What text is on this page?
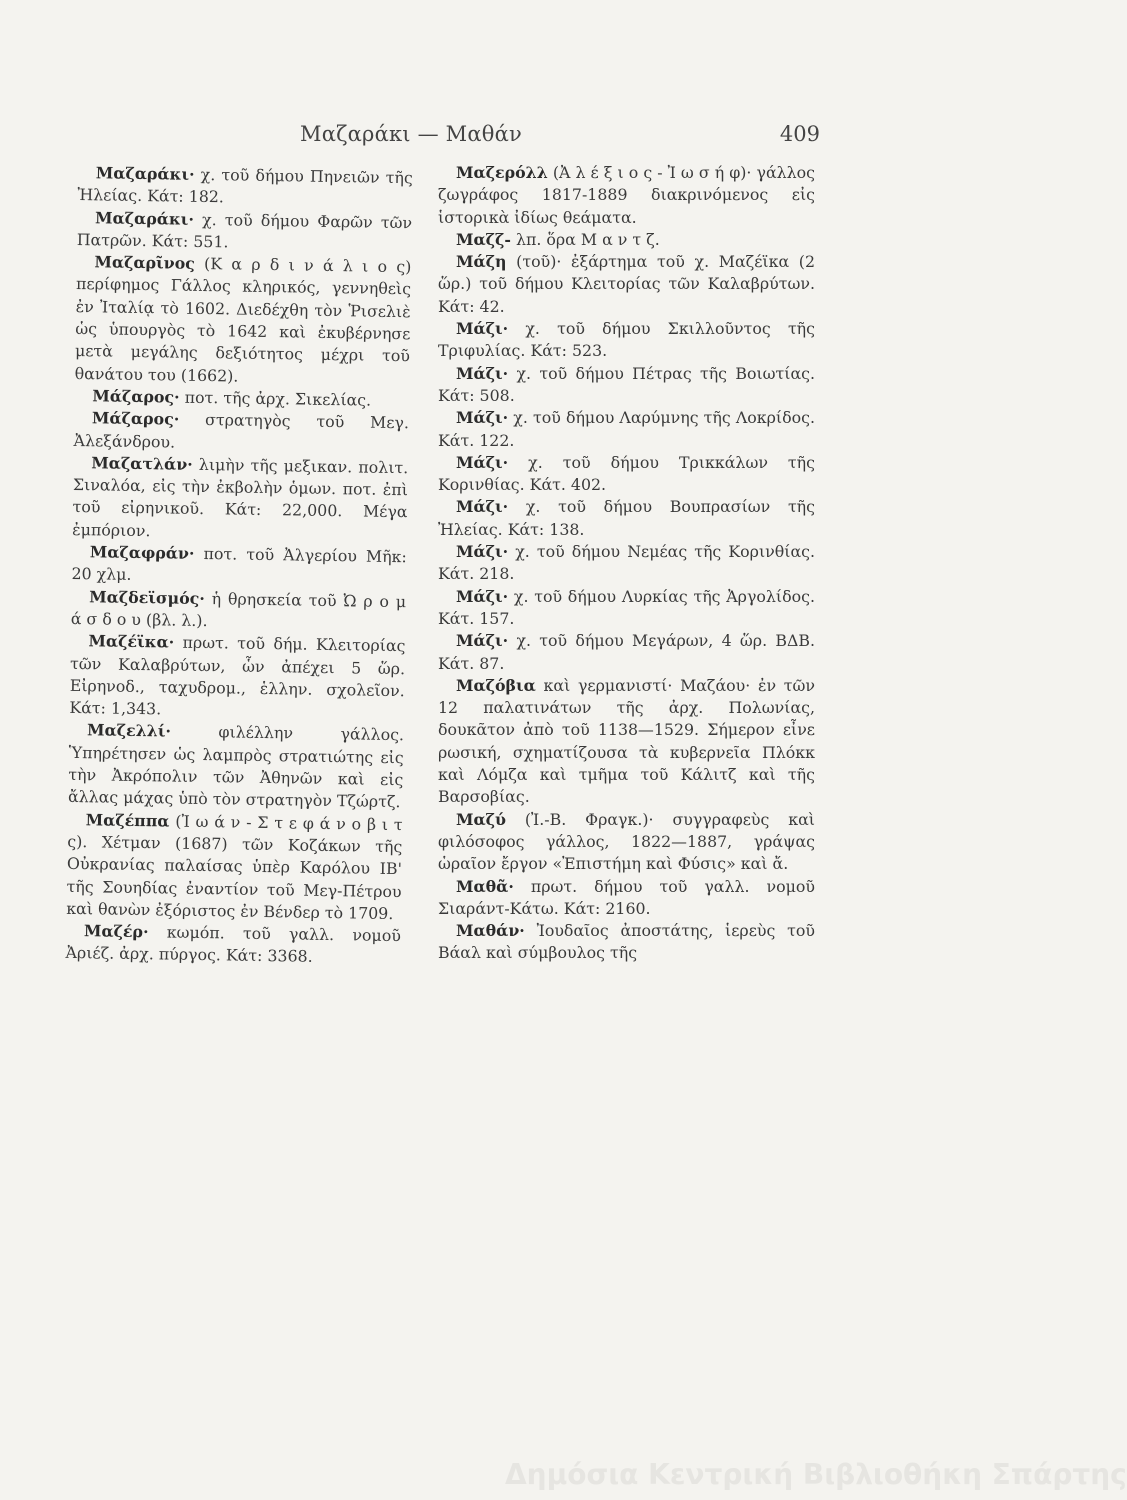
Μαζαράκι — Μαθάν	409
Μαζαράκι· χ. τοῦ δήμου Πηνειῶν τῆς Ἠλείας. Κάτ: 182.
Μαζαράκι· χ. τοῦ δήμου Φαρῶν τῶν Πατρῶν. Κάτ: 551.
Μαζαρῖνος (Κ α ρ δ ι ν ά λ ι ο ς) περίφημος Γάλλος κληρικός, γεννηθεὶς ἐν Ἰταλίᾳ τὸ 1602. Διεδέχθη τὸν Ῥισελιὲ ὡς ὑπουργὸς τὸ 1642 καὶ ἐκυβέρνησε μετὰ μεγάλης δεξιότητος μέχρι τοῦ θανάτου του (1662).
Μάζαρος· ποτ. τῆς ἀρχ. Σικελίας.
Μάζαρος· στρατηγὸς τοῦ Μεγ. Ἀλεξάνδρου.
Μαζατλάν· λιμὴν τῆς μεξικαν. πολιτ. Σιναλόα, εἰς τὴν ἐκβολὴν ὁμων. ποτ. ἐπὶ τοῦ εἰρηνικοῦ. Κάτ: 22,000. Μέγα ἐμπόριον.
Μαζαφράν· ποτ. τοῦ Ἀλγερίου Μῆκ: 20 χλμ.
Μαζδεϊσμός· ἡ θρησκεία τοῦ Ὠ ρ ο μ ά σ δ ο υ (βλ. λ.).
Μαζέϊκα· πρωτ. τοῦ δήμ. Κλειτορίας τῶν Καλαβρύτων, ὧν ἀπέχει 5 ὥρ. Εἰρηνοδ., ταχυδρομ., ἑλλην. σχολεῖον. Κάτ: 1,343.
Μαζελλί·	φιλέλλην γάλλος. Ὑπηρέτησεν ὡς λαμπρὸς στρατιώτης εἰς τὴν Ἀκρόπολιν τῶν Ἀθηνῶν καὶ εἰς ἄλλας μάχας ὑπὸ τὸν στρατηγὸν Τζώρτζ.
Μαζέππα (Ἰ ω ά ν - Σ τ ε φ ά ν ο β ι τ ς). Χέτμαν (1687) τῶν Κοζάκων τῆς Οὐκρανίας παλαίσας ὑπὲρ Καρόλου ΙΒ' τῆς Σουηδίας ἐναντίον τοῦ Μεγ-Πέτρου καὶ θανὼν ἐξόριστος ἐν Βένδερ τὸ 1709.
Μαζέρ· κωμόπ. τοῦ γαλλ. νομοῦ Ἀριέζ. ἀρχ. πύργος. Κάτ: 3368.
Μαζερόλλ (Ἀ λ έ ξ ι ο ς - Ἰ ω σ ή φ)· γάλλος ζωγράφος 1817-1889 διακρινόμενος εἰς ἱστορικὰ ἰδίως θεάματα.
Μαζζ- λπ. ὅρα Μ α ν τ ζ.
Μάζη (τοῦ)· ἐξάρτημα τοῦ χ. Μαζέϊκα (2 ὥρ.) τοῦ δήμου Κλειτορίας τῶν Καλαβρύτων. Κάτ: 42.
Μάζι· χ. τοῦ δήμου Σκιλλοῦντος τῆς Τριφυλίας. Κάτ: 523.
Μάζι· χ. τοῦ δήμου Πέτρας τῆς Βοιωτίας. Κάτ: 508.
Μάζι· χ. τοῦ δήμου Λαρύμνης τῆς Λοκρίδος. Κάτ. 122.
Μάζι· χ. τοῦ δήμου Τρικκάλων τῆς Κορινθίας. Κάτ. 402.
Μάζι· χ. τοῦ δήμου Βουπρασίων τῆς Ἠλείας. Κάτ: 138.
Μάζι· χ. τοῦ δήμου Νεμέας τῆς Κορινθίας. Κάτ. 218.
Μάζι· χ. τοῦ δήμου Λυρκίας τῆς Ἀργολίδος. Κάτ. 157.
Μάζι· χ. τοῦ δήμου Μεγάρων, 4 ὥρ. ΒΔΒ. Κάτ. 87.
Μαζόβια καὶ γερμανιστί· Μαζάου· ἐν τῶν 12 παλατινάτων τῆς ἀρχ. Πολωνίας, δουκᾶτον ἀπὸ τοῦ 1138—1529. Σήμερον εἶνε ρωσική, σχηματίζουσα τὰ κυβερνεῖα Πλόκκ καὶ Λόμζα καὶ τμῆμα τοῦ Κάλιτζ καὶ τῆς Βαρσοβίας.
Μαζύ (Ἰ.-Β. Φραγκ.)· συγγραφεὺς καὶ φιλόσοφος γάλλος, 1822—1887, γράψας ὡραῖον ἔργον «Ἐπιστήμη καὶ Φύσις» καὶ ἄ.
Μαθᾶ· πρωτ. δήμου τοῦ γαλλ. νομοῦ Σιαράντ-Κάτω. Κάτ: 2160.
Μαθάν· Ἰουδαῖος ἀποστάτης, ἱερεὺς τοῦ Βάαλ καὶ σύμβουλος τῆς
Δημόσια Κεντρική Βιβλιοθήκη Σπάρτης
